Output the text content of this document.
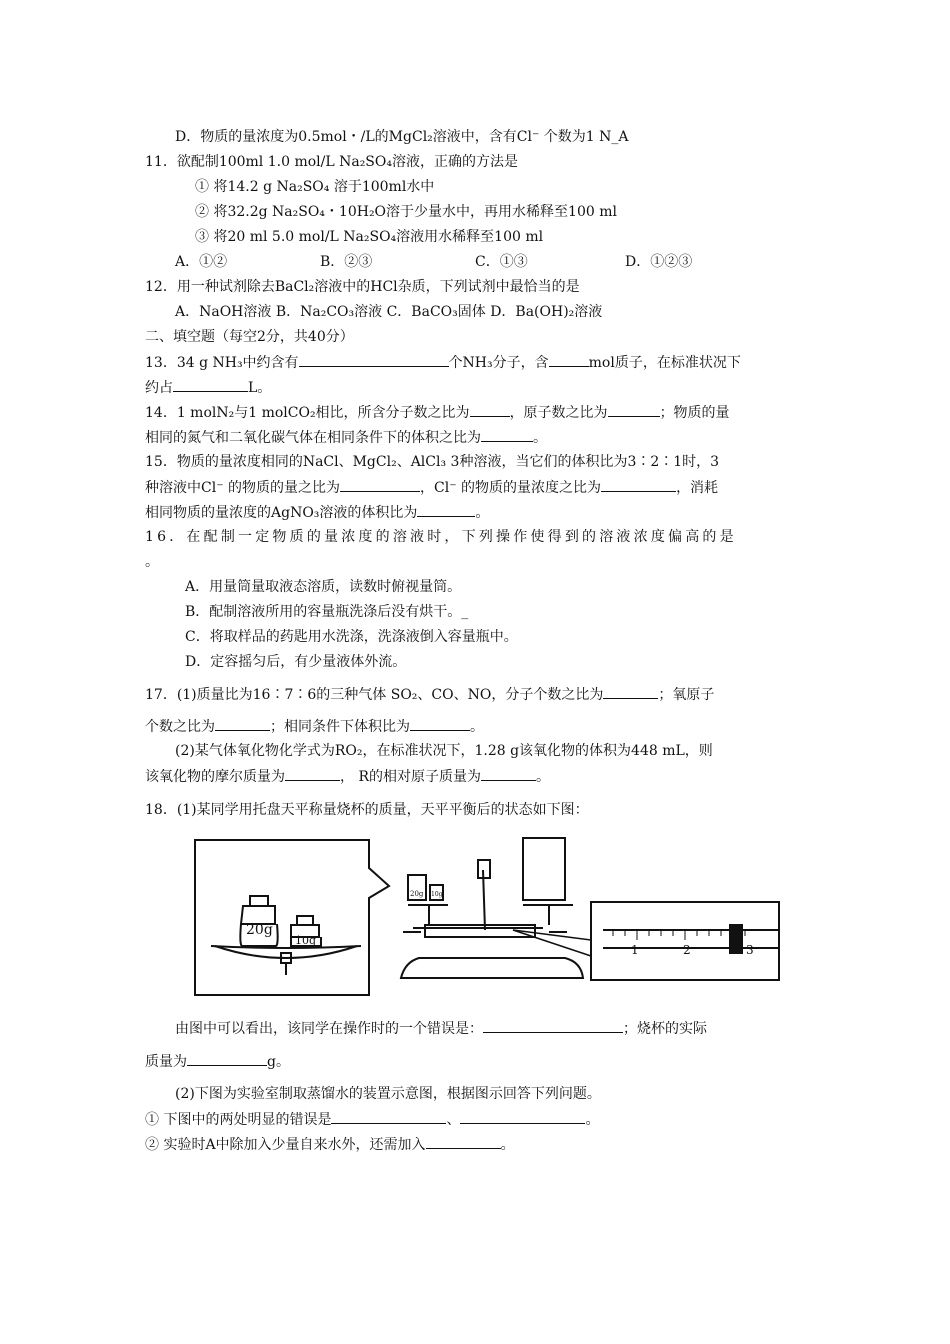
D．物质的量浓度为0.5mol・/L的MgCl₂溶液中，含有Cl⁻ 个数为1 N_A
11．欲配制100ml 1.0 mol/L Na₂SO₄溶液，正确的方法是
① 将14.2 g Na₂SO₄ 溶于100ml水中
② 将32.2g Na₂SO₄・10H₂O溶于少量水中，再用水稀释至100 ml
③ 将20 ml 5.0 mol/L Na₂SO₄溶液用水稀释至100 ml
A．①②	B．②③	C．①③	D．①②③
12．用一种试剂除去BaCl₂溶液中的HCl杂质，下列试剂中最恰当的是
A．NaOH溶液 B．Na₂CO₃溶液 C．BaCO₃固体 D．Ba(OH)₂溶液
二、填空题（每空2分，共40分）
13．34 g NH₃中约含有	个NH₃分子，含	mol质子，在标准状况下
约占	L。
14．1 molN₂与1 molCO₂相比，所含分子数之比为	，原子数之比为	；物质的量
相同的氮气和二氧化碳气体在相同条件下的体积之比为	。
15．物质的量浓度相同的NaCl、MgCl₂、AlCl₃ 3种溶液，当它们的体积比为3∶2∶1时，3
种溶液中Cl⁻ 的物质的量之比为	，Cl⁻ 的物质的量浓度之比为	，消耗
相同物质的量浓度的AgNO₃溶液的体积比为	。
16．在配制一定物质的量浓度的溶液时，下列操作使得到的溶液浓度偏高的是
。
A．用量筒量取液态溶质，读数时俯视量筒。
B．配制溶液所用的容量瓶洗涤后没有烘干。_
C．将取样品的药匙用水洗涤，洗涤液倒入容量瓶中。
D．定容摇匀后，有少量液体外流。
17．(1)质量比为16∶7∶6的三种气体 SO₂、CO、NO，分子个数之比为	；氧原子
个数之比为	；相同条件下体积比为	。
(2)某气体氧化物化学式为RO₂，在标准状况下，1.28 g该氧化物的体积为448 mL，则
该氧化物的摩尔质量为	， R的相对原子质量为	。
18．(1)某同学用托盘天平称量烧杯的质量，天平平衡后的状态如下图：
20g
10g
20g 10g
1	2	3
由图中可以看出，该同学在操作时的一个错误是：	；烧杯的实际
质量为	g。
(2)下图为实验室制取蒸馏水的装置示意图，根据图示回答下列问题。
① 下图中的两处明显的错误是	、	。
② 实验时A中除加入少量自来水外，还需加入	。
